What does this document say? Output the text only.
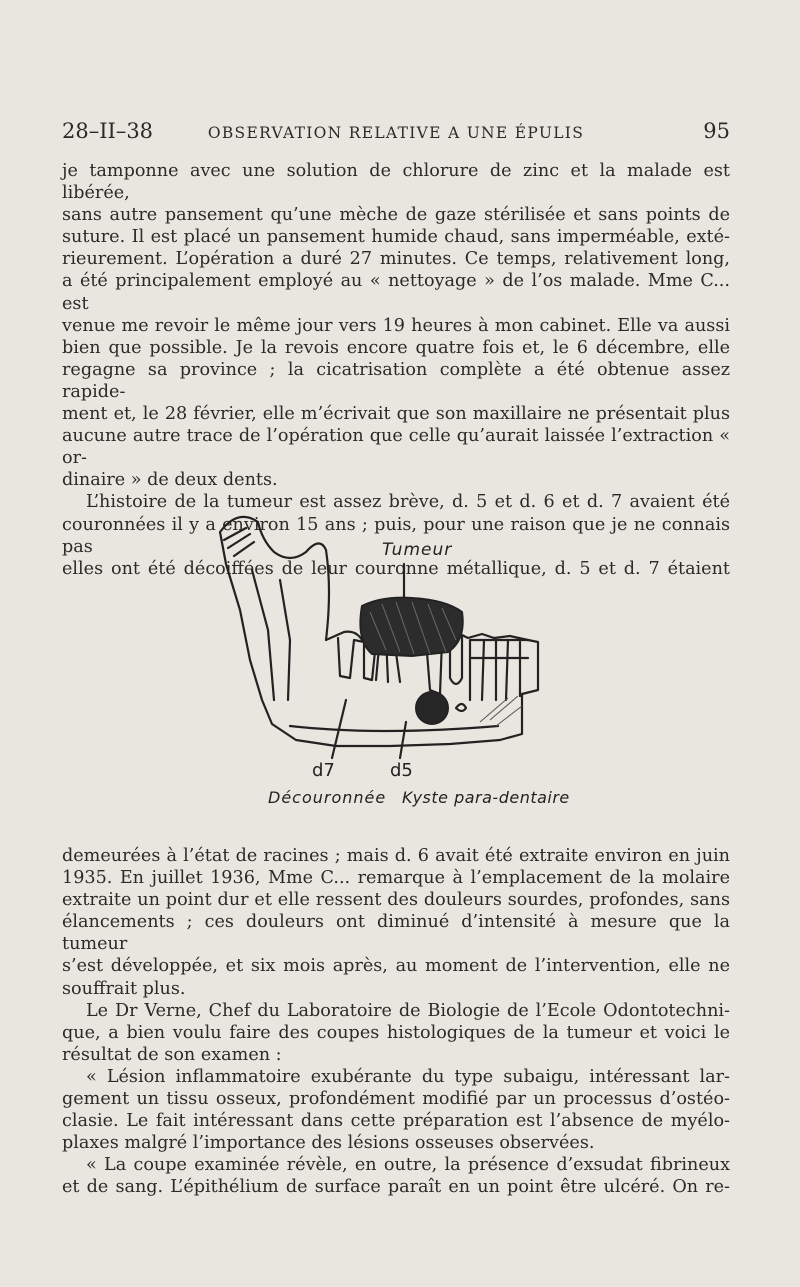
28–II–38	OBSERVATION RELATIVE A UNE ÉPULIS	95

je tamponne avec une solution de chlorure de zinc et la malade est libérée,

sans autre pansement qu’une mèche de gaze stérilisée et sans points de

suture. Il est placé un pansement humide chaud, sans imperméable, exté-

rieurement. L’opération a duré 27 minutes. Ce temps, relativement long,

a été principalement employé au « nettoyage » de l’os malade. Mme C... est

venue me revoir le même jour vers 19 heures à mon cabinet. Elle va aussi

bien que possible. Je la revois encore quatre fois et, le 6 décembre, elle

regagne sa province ; la cicatrisation complète a été obtenue assez rapide-

ment et, le 28 février, elle m’écrivait que son maxillaire ne présentait plus

aucune autre trace de l’opération que celle qu’aurait laissée l’extraction « or-

dinaire » de deux dents.

L’histoire de la tumeur est assez brève, d. 5 et d. 6 et d. 7 avaient été

couronnées il y a environ 15 ans ; puis, pour une raison que je ne connais pas

elles ont été décoiffées de leur couronne métallique, d. 5 et d. 7 étaient

Tumeur
d7	d5
Découronnée Kyste para-dentaire

demeurées à l’état de racines ; mais d. 6 avait été extraite environ en juin

1935. En juillet 1936, Mme C... remarque à l’emplacement de la molaire

extraite un point dur et elle ressent des douleurs sourdes, profondes, sans

élancements ; ces douleurs ont diminué d’intensité à mesure que la tumeur

s’est développée, et six mois après, au moment de l’intervention, elle ne

souffrait plus.

Le Dr Verne, Chef du Laboratoire de Biologie de l’Ecole Odontotechni-

que, a bien voulu faire des coupes histologiques de la tumeur et voici le

résultat de son examen :

« Lésion inflammatoire exubérante du type subaigu, intéressant lar-

gement un tissu osseux, profondément modifié par un processus d’ostéo-

clasie. Le fait intéressant dans cette préparation est l’absence de myélo-

plaxes malgré l’importance des lésions osseuses observées.

« La coupe examinée révèle, en outre, la présence d’exsudat fibrineux

et de sang. L’épithélium de surface paraît en un point être ulcéré. On re-
